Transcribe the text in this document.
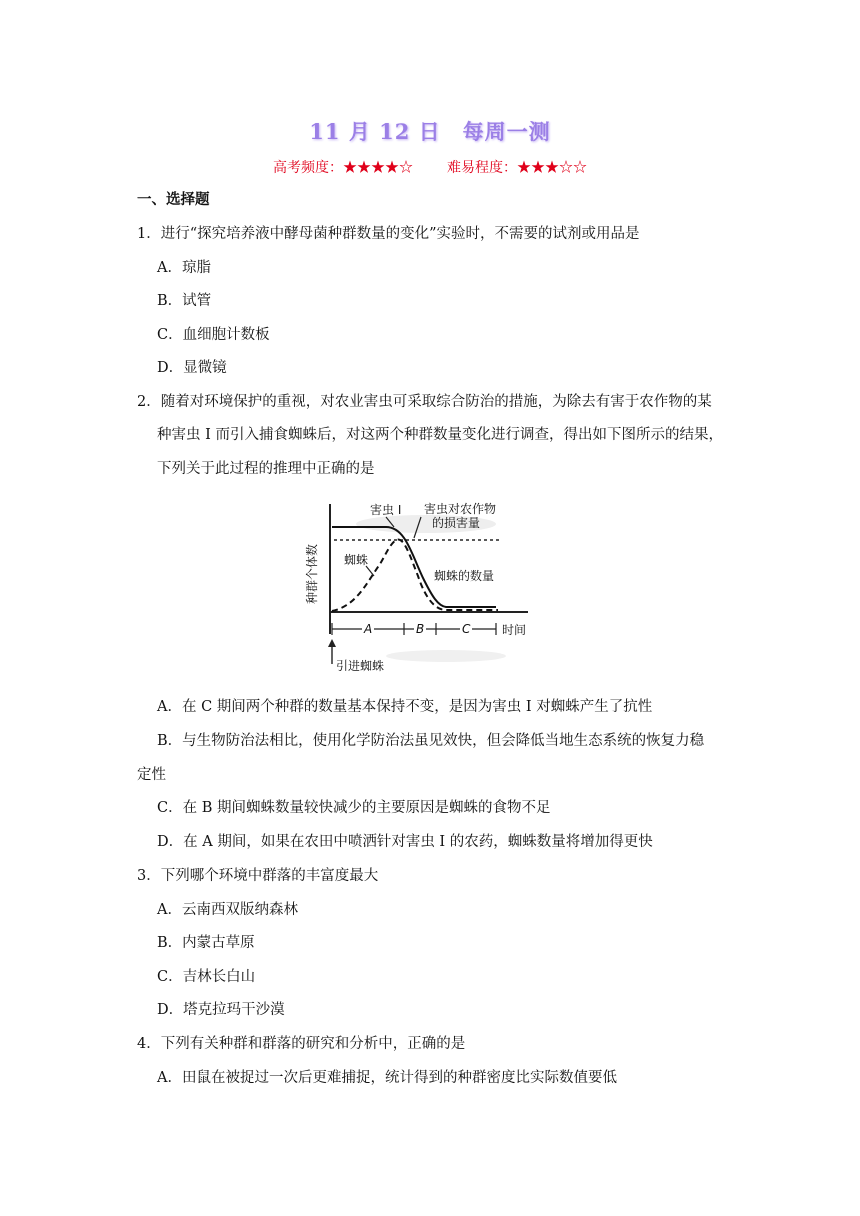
11 月 12 日　每周一测
高考频度：★★★★☆ 难易程度：★★★☆☆
一、选择题
1．进行“探究培养液中酵母菌种群数量的变化”实验时，不需要的试剂或用品是
A．琼脂
B．试管
C．血细胞计数板
D．显微镜
2．随着对环境保护的重视，对农业害虫可采取综合防治的措施，为除去有害于农作物的某
种害虫 I 而引入捕食蜘蛛后，对这两个种群数量变化进行调查，得出如下图所示的结果，
下列关于此过程的推理中正确的是
害虫 I 害虫对农作物
的损害量
蜘蛛
蜘蛛的数量
种群个体数
A	B	C	时间
引进蜘蛛
A．在 C 期间两个种群的数量基本保持不变，是因为害虫 I 对蜘蛛产生了抗性
B．与生物防治法相比，使用化学防治法虽见效快，但会降低当地生态系统的恢复力稳
定性
C．在 B 期间蜘蛛数量较快减少的主要原因是蜘蛛的食物不足
D．在 A 期间，如果在农田中喷洒针对害虫 I 的农药，蜘蛛数量将增加得更快
3．下列哪个环境中群落的丰富度最大
A．云南西双版纳森林
B．内蒙古草原
C．吉林长白山
D．塔克拉玛干沙漠
4．下列有关种群和群落的研究和分析中，正确的是
A．田鼠在被捉过一次后更难捕捉，统计得到的种群密度比实际数值要低
